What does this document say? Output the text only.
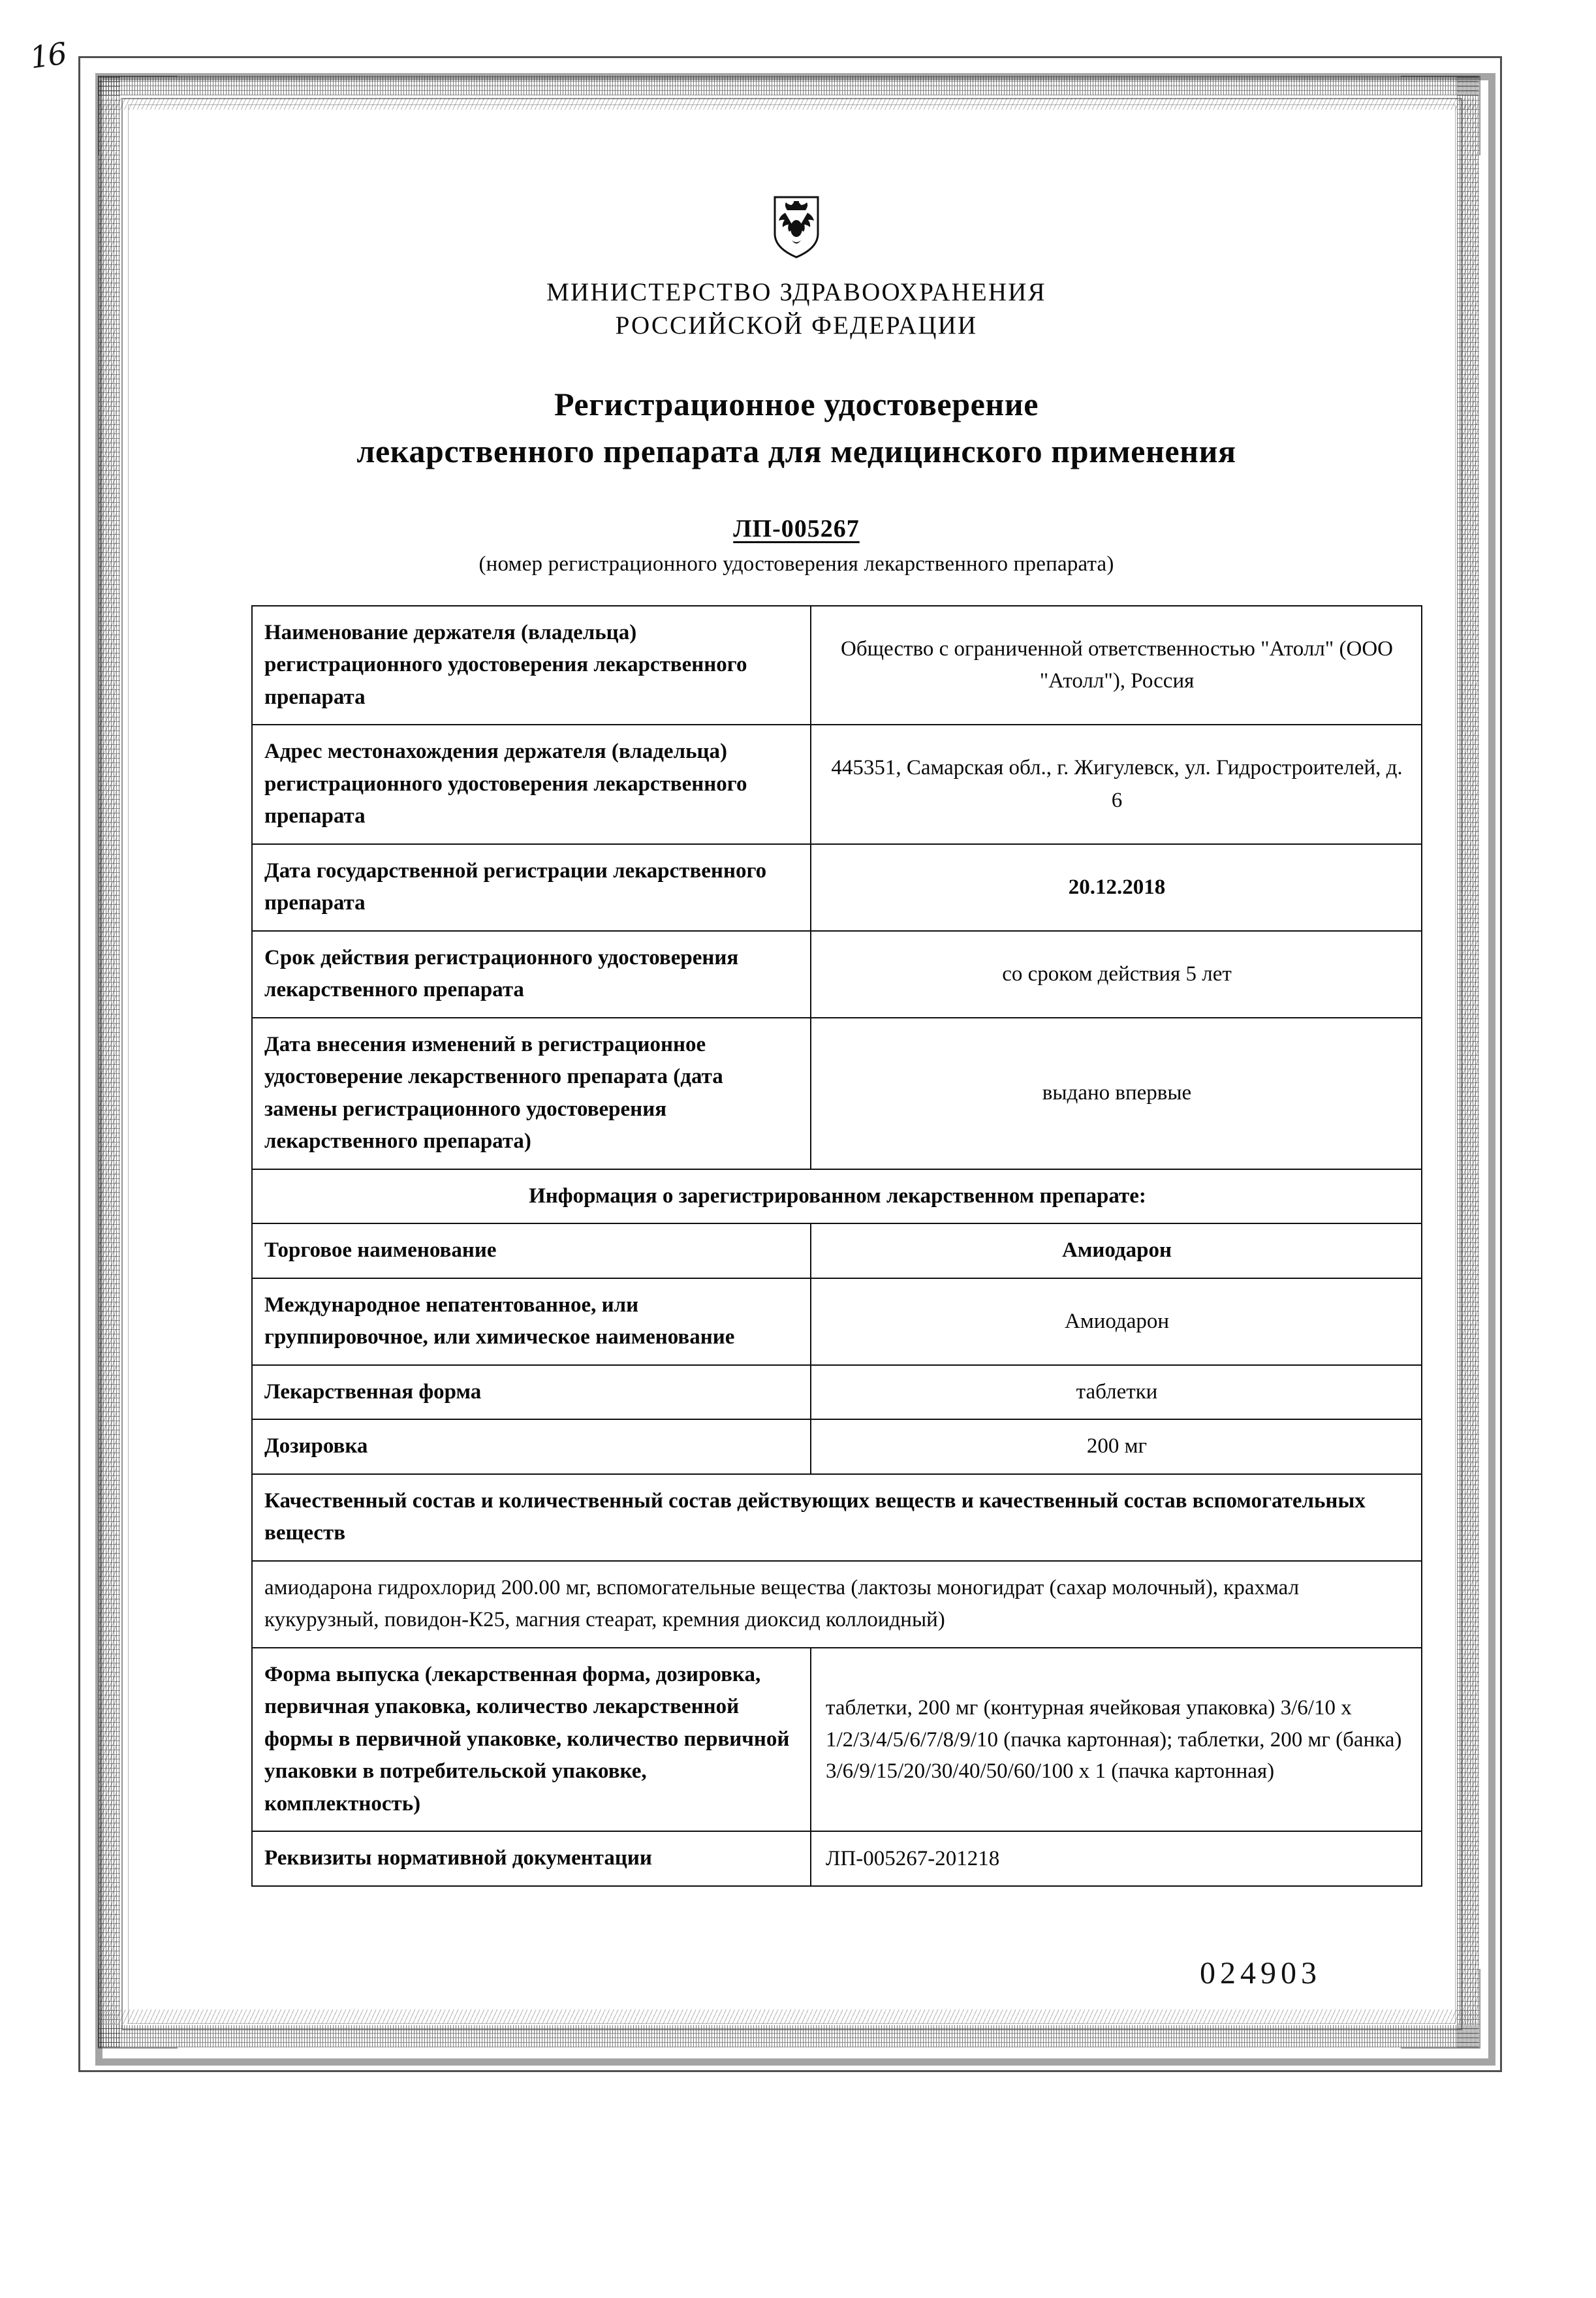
16
МИНИСТЕРСТВО ЗДРАВООХРАНЕНИЯ
РОССИЙСКОЙ ФЕДЕРАЦИИ
Регистрационное удостоверение
лекарственного препарата для медицинского применения
ЛП-005267
(номер регистрационного удостоверения лекарственного препарата)
Наименование держателя (владельца) регистрационного удостоверения лекарственного препарата	Общество с ограниченной ответственностью "Атолл" (ООО "Атолл"), Россия
Адрес местонахождения держателя (владельца) регистрационного удостоверения лекарственного препарата	445351, Самарская обл., г. Жигулевск, ул. Гидростроителей, д. 6
Дата государственной регистрации лекарственного препарата	20.12.2018
Срок действия регистрационного удостоверения лекарственного препарата	со сроком действия 5 лет
Дата внесения изменений в регистрационное удостоверение лекарственного препарата (дата замены регистрационного удостоверения лекарственного препарата)	выдано впервые
Информация о зарегистрированном лекарственном препарате:	
Торговое наименование	Амиодарон
Международное непатентованное, или группировочное, или химическое наименование	Амиодарон
Лекарственная форма	таблетки
Дозировка	200 мг
Качественный состав и количественный состав действующих веществ и качественный состав вспомогательных веществ	
амиодарона гидрохлорид 200.00 мг, вспомогательные вещества (лактозы моногидрат (сахар молочный), крахмал кукурузный, повидон-К25, магния стеарат, кремния диоксид коллоидный)	
Форма выпуска (лекарственная форма, дозировка, первичная упаковка, количество лекарственной формы в первичной упаковке, количество первичной упаковки в потребительской упаковке, комплектность)	таблетки, 200 мг (контурная ячейковая упаковка) 3/6/10 х 1/2/3/4/5/6/7/8/9/10 (пачка картонная); таблетки, 200 мг (банка) 3/6/9/15/20/30/40/50/60/100 х 1 (пачка картонная)
Реквизиты нормативной документации	ЛП-005267-201218
024903
